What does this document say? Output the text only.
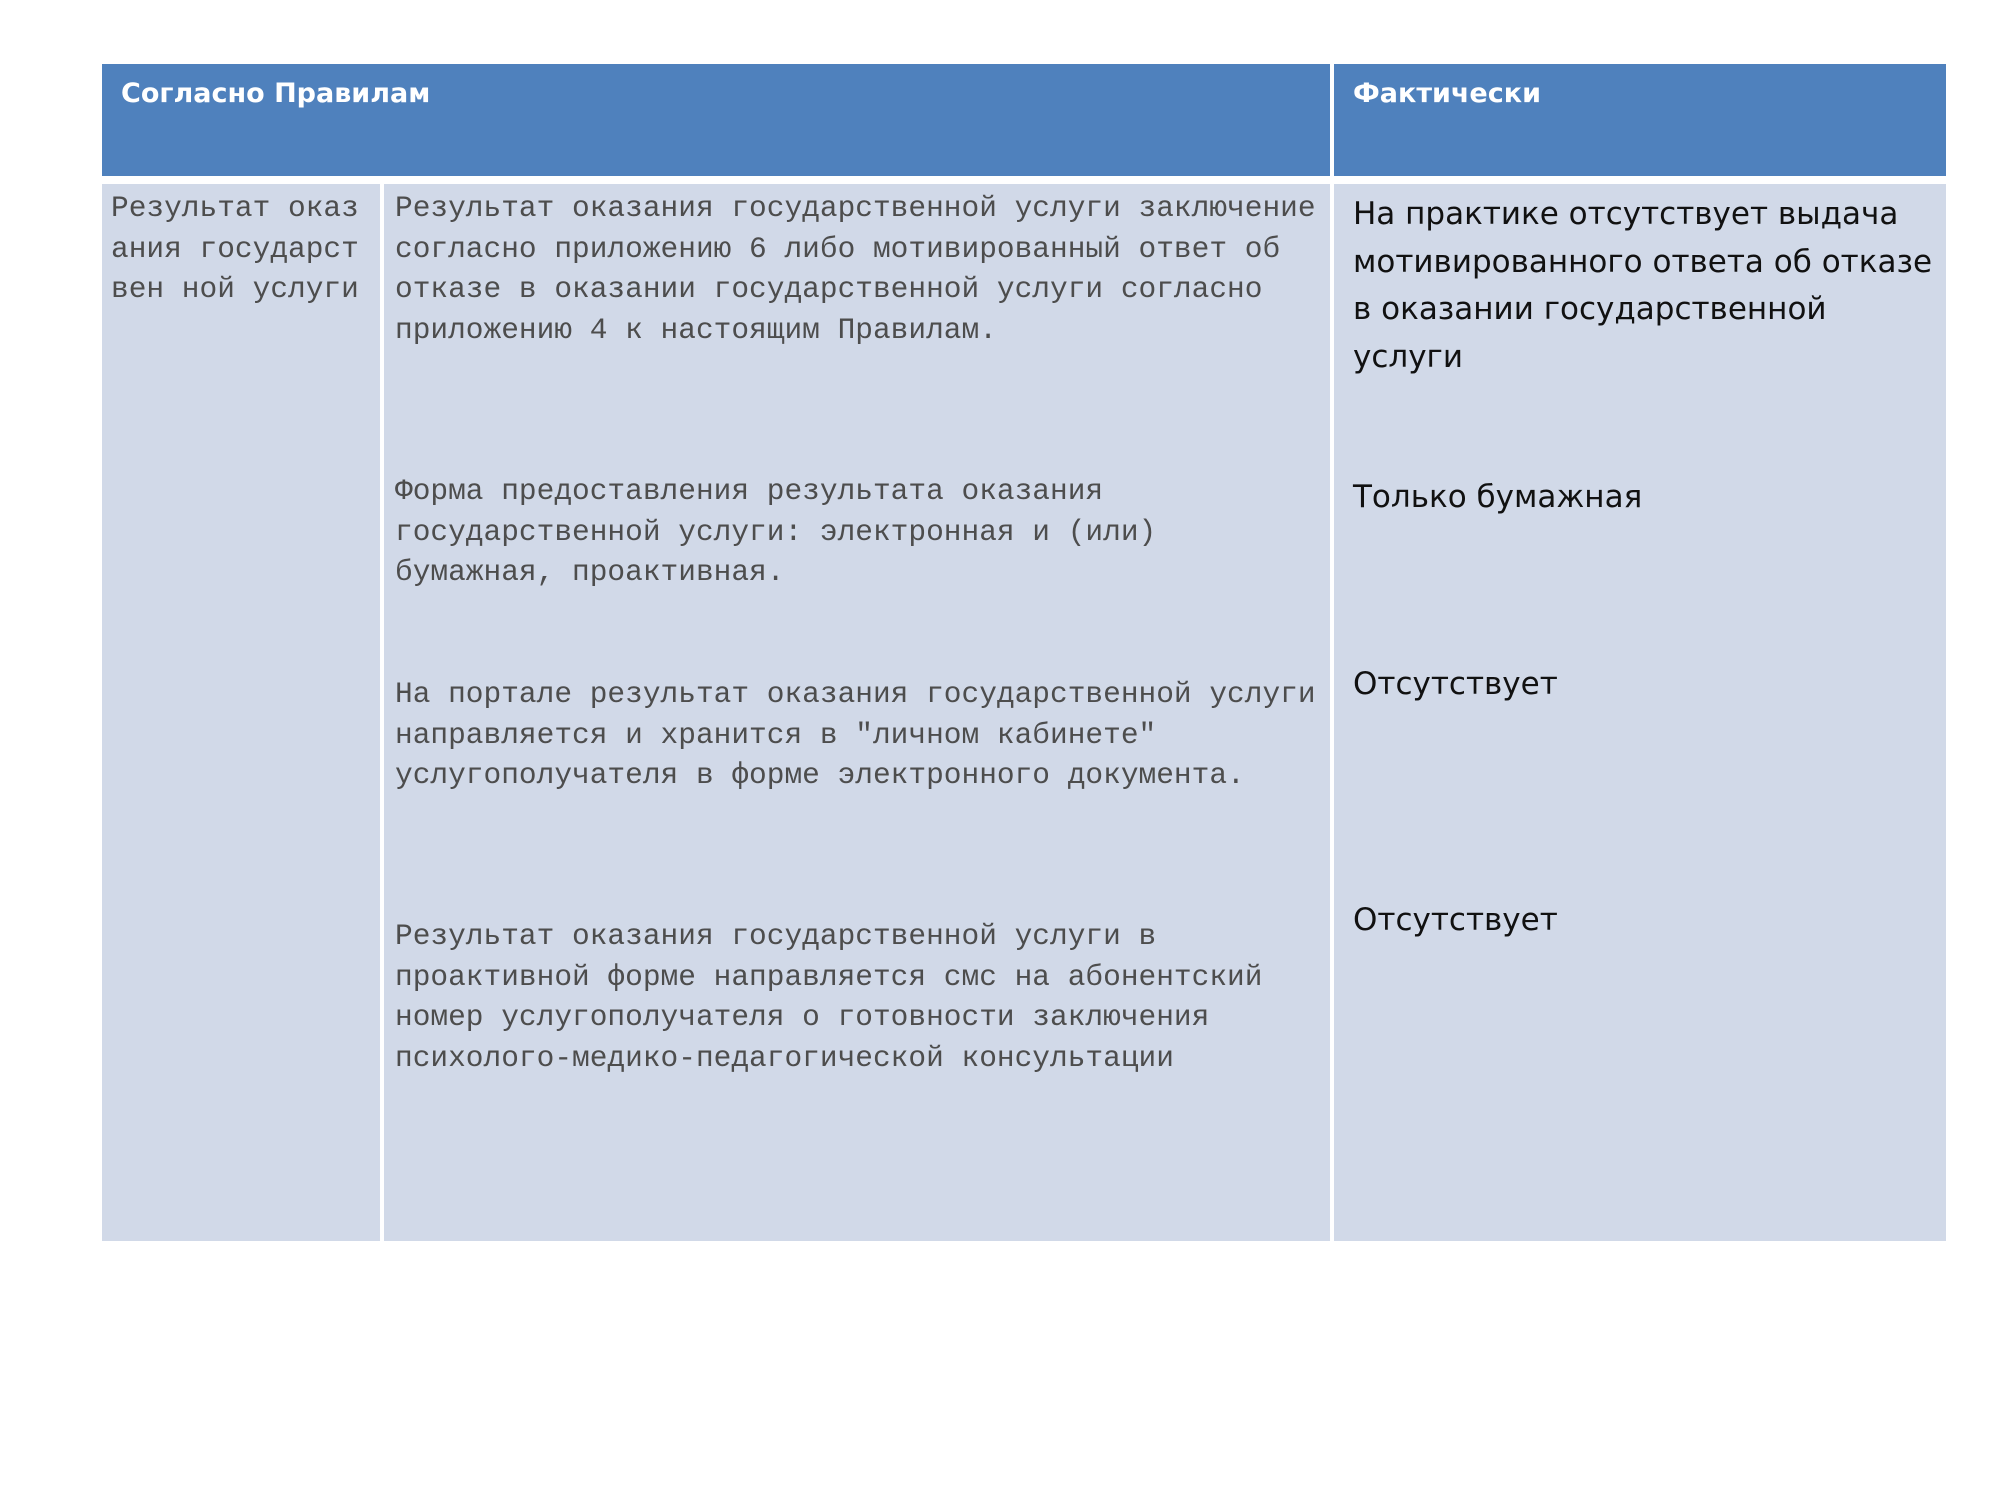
Согласно Правилам	Фактически

Результат оказания государствен ной услуги

Результат оказания государственной услуги заключение согласно приложению 6 либо мотивированный ответ об отказе в оказании государственной услуги согласно приложению 4 к настоящим Правилам.

Форма предоставления результата оказания государственной услуги: электронная и (или) бумажная, проактивная.

На портале результат оказания государственной услуги направляется и хранится в "личном кабинете" услугополучателя в форме электронного документа.

Результат оказания государственной услуги в проактивной форме направляется смс на абонентский номер услугополучателя о готовности заключения психолого-медико-педагогической консультации

На практике отсутствует выдача мотивированного ответа об отказе в оказании государственной услуги

Только бумажная

Отсутствует

Отсутствует
